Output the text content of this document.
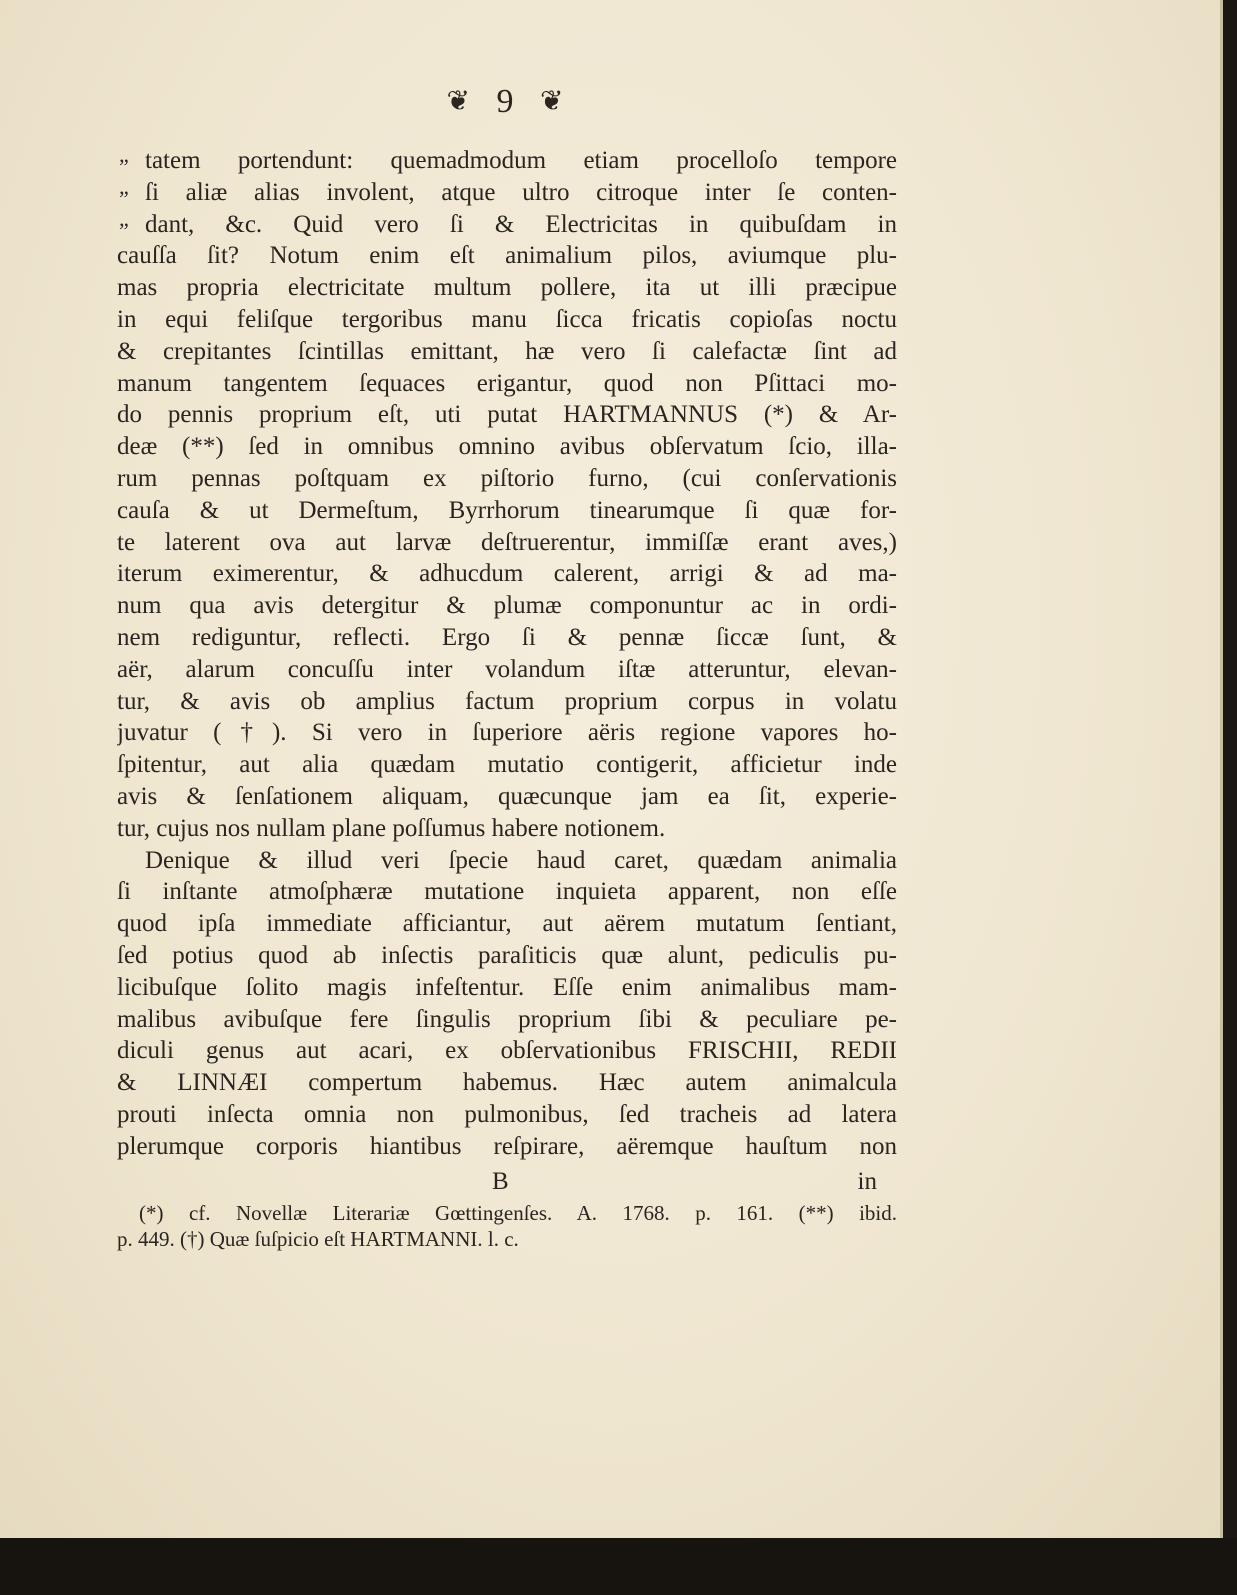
❦ 9 ❦
„ tatem portendunt: quemadmodum etiam procelloſo tempore
„ ſi aliæ alias involent, atque ultro citroque inter ſe conten-
„ dant, &c. Quid vero ſi & Electricitas in quibuſdam in
cauſſa ſit? Notum enim eſt animalium pilos, aviumque plu-
mas propria electricitate multum pollere, ita ut illi præcipue
in equi feliſque tergoribus manu ſicca fricatis copioſas noctu
& crepitantes ſcintillas emittant, hæ vero ſi calefactæ ſint ad
manum tangentem ſequaces erigantur, quod non Pſittaci mo-
do pennis proprium eſt, uti putat HARTMANNUS (*) & Ar-
deæ (**) ſed in omnibus omnino avibus obſervatum ſcio, illa-
rum pennas poſtquam ex piſtorio furno, (cui conſervationis
cauſa & ut Dermeſtum, Byrrhorum tinearumque ſi quæ for-
te laterent ova aut larvæ deſtruerentur, immiſſæ erant aves,)
iterum eximerentur, & adhucdum calerent, arrigi & ad ma-
num qua avis detergitur & plumæ componuntur ac in ordi-
nem rediguntur, reflecti. Ergo ſi & pennæ ſiccæ ſunt, &
aër, alarum concuſſu inter volandum iſtæ atteruntur, elevan-
tur, & avis ob amplius factum proprium corpus in volatu
juvatur (†). Si vero in ſuperiore aëris regione vapores ho-
ſpitentur, aut alia quædam mutatio contigerit, afficietur inde
avis & ſenſationem aliquam, quæcunque jam ea ſit, experie-
tur, cujus nos nullam plane poſſumus habere notionem.
Denique & illud veri ſpecie haud caret, quædam animalia
ſi inſtante atmoſphæræ mutatione inquieta apparent, non eſſe
quod ipſa immediate afficiantur, aut aërem mutatum ſentiant,
ſed potius quod ab inſectis paraſiticis quæ alunt, pediculis pu-
licibuſque ſolito magis infeſtentur. Eſſe enim animalibus mam-
malibus avibuſque fere ſingulis proprium ſibi & peculiare pe-
diculi genus aut acari, ex obſervationibus FRISCHII, REDII
& LINNÆI compertum habemus. Hæc autem animalcula
prouti inſecta omnia non pulmonibus, ſed tracheis ad latera
plerumque corporis hiantibus reſpirare, aëremque hauſtum non
B	in
(*) cf. Novellæ Literariæ Gœttingenſes. A. 1768. p. 161. (**) ibid.
p. 449. (†) Quæ ſuſpicio eſt HARTMANNI. l. c.
